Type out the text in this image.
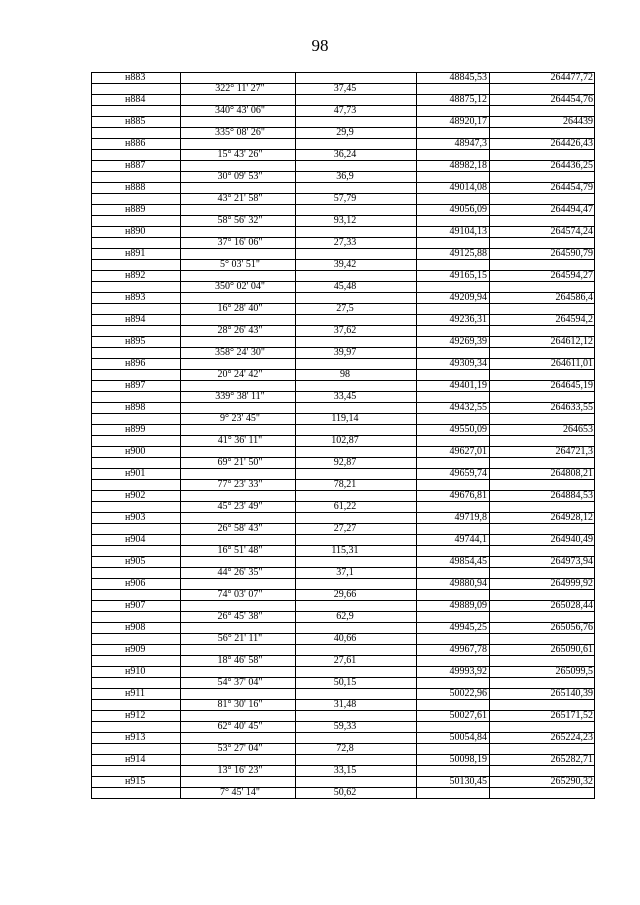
98
н883	48845,53	264477,72
322° 11' 27"	37,45
н884	48875,12	264454,76
340° 43' 06"	47,73
н885	48920,17	264439
335° 08' 26"	29,9
н886	48947,3	264426,43
15° 43' 26"	36,24
н887	48982,18	264436,25
30° 09' 53"	36,9
н888	49014,08	264454,79
43° 21' 58"	57,79
н889	49056,09	264494,47
58° 56' 32"	93,12
н890	49104,13	264574,24
37° 16' 06"	27,33
н891	49125,88	264590,79
5° 03' 51"	39,42
н892	49165,15	264594,27
350° 02' 04"	45,48
н893	49209,94	264586,4
16° 28' 40"	27,5
н894	49236,31	264594,2
28° 26' 43"	37,62
н895	49269,39	264612,12
358° 24' 30"	39,97
н896	49309,34	264611,01
20° 24' 42"	98
н897	49401,19	264645,19
339° 38' 11"	33,45
н898	49432,55	264633,55
9° 23' 45"	119,14
н899	49550,09	264653
41° 36' 11"	102,87
н900	49627,01	264721,3
69° 21' 50"	92,87
н901	49659,74	264808,21
77° 23' 33"	78,21
н902	49676,81	264884,53
45° 23' 49"	61,22
н903	49719,8	264928,12
26° 58' 43"	27,27
н904	49744,1	264940,49
16° 51' 48"	115,31
н905	49854,45	264973,94
44° 26' 35"	37,1
н906	49880,94	264999,92
74° 03' 07"	29,66
н907	49889,09	265028,44
26° 45' 38"	62,9
н908	49945,25	265056,76
56° 21' 11"	40,66
н909	49967,78	265090,61
18° 46' 58"	27,61
н910	49993,92	265099,5
54° 37' 04"	50,15
н911	50022,96	265140,39
81° 30' 16"	31,48
н912	50027,61	265171,52
62° 40' 45"	59,33
н913	50054,84	265224,23
53° 27' 04"	72,8
н914	50098,19	265282,71
13° 16' 23"	33,15
н915	50130,45	265290,32
7° 45' 14"	50,62
